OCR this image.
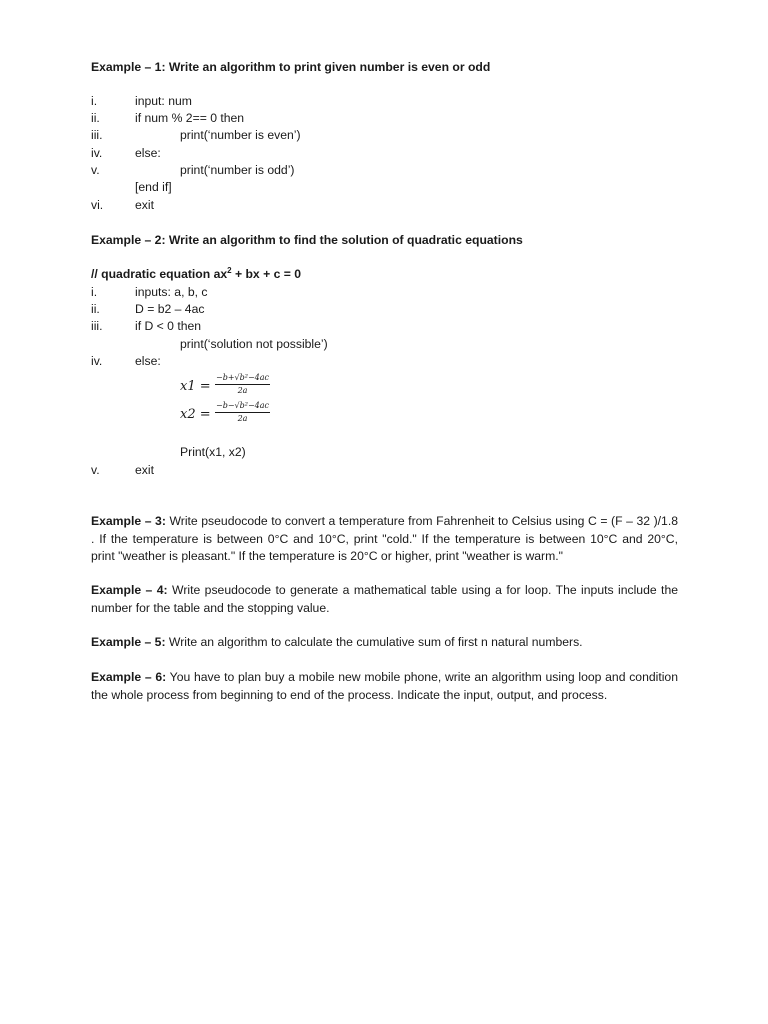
Example – 1: Write an algorithm to print given number is even or odd
i.	input: num
ii.	if num % 2== 0 then
iii.	print(‘number is even’)
iv.	else:
v.	print(‘number is odd’)
[end if]
vi.	exit
Example – 2: Write an algorithm to find the solution of quadratic equations
// quadratic equation $ax^2$ + bx + c = 0
i.	inputs: a, b, c
ii.	D = b2 – 4ac
iii.	if D < 0 then
print(‘solution not possible’)
iv.	else:
$x1 = \frac{\text{−b+√b²−4ac}}{2a}$
$x2 = \frac{\text{−b−√b²−4ac}}{2a}$
Print(x1, x2)
v.	exit
Example – 3: Write pseudocode to convert a temperature from Fahrenheit to Celsius using C = (F – 32 )/1.8 . If the temperature is between 0°C and 10°C, print "cold." If the temperature is between 10°C and 20°C, print "weather is pleasant." If the temperature is 20°C or higher, print "weather is warm."
Example – 4: Write pseudocode to generate a mathematical table using a for loop. The inputs include the number for the table and the stopping value.
Example – 5: Write an algorithm to calculate the cumulative sum of first n natural numbers.
Example – 6: You have to plan buy a mobile new mobile phone, write an algorithm using loop and condition the whole process from beginning to end of the process. Indicate the input, output, and process.
